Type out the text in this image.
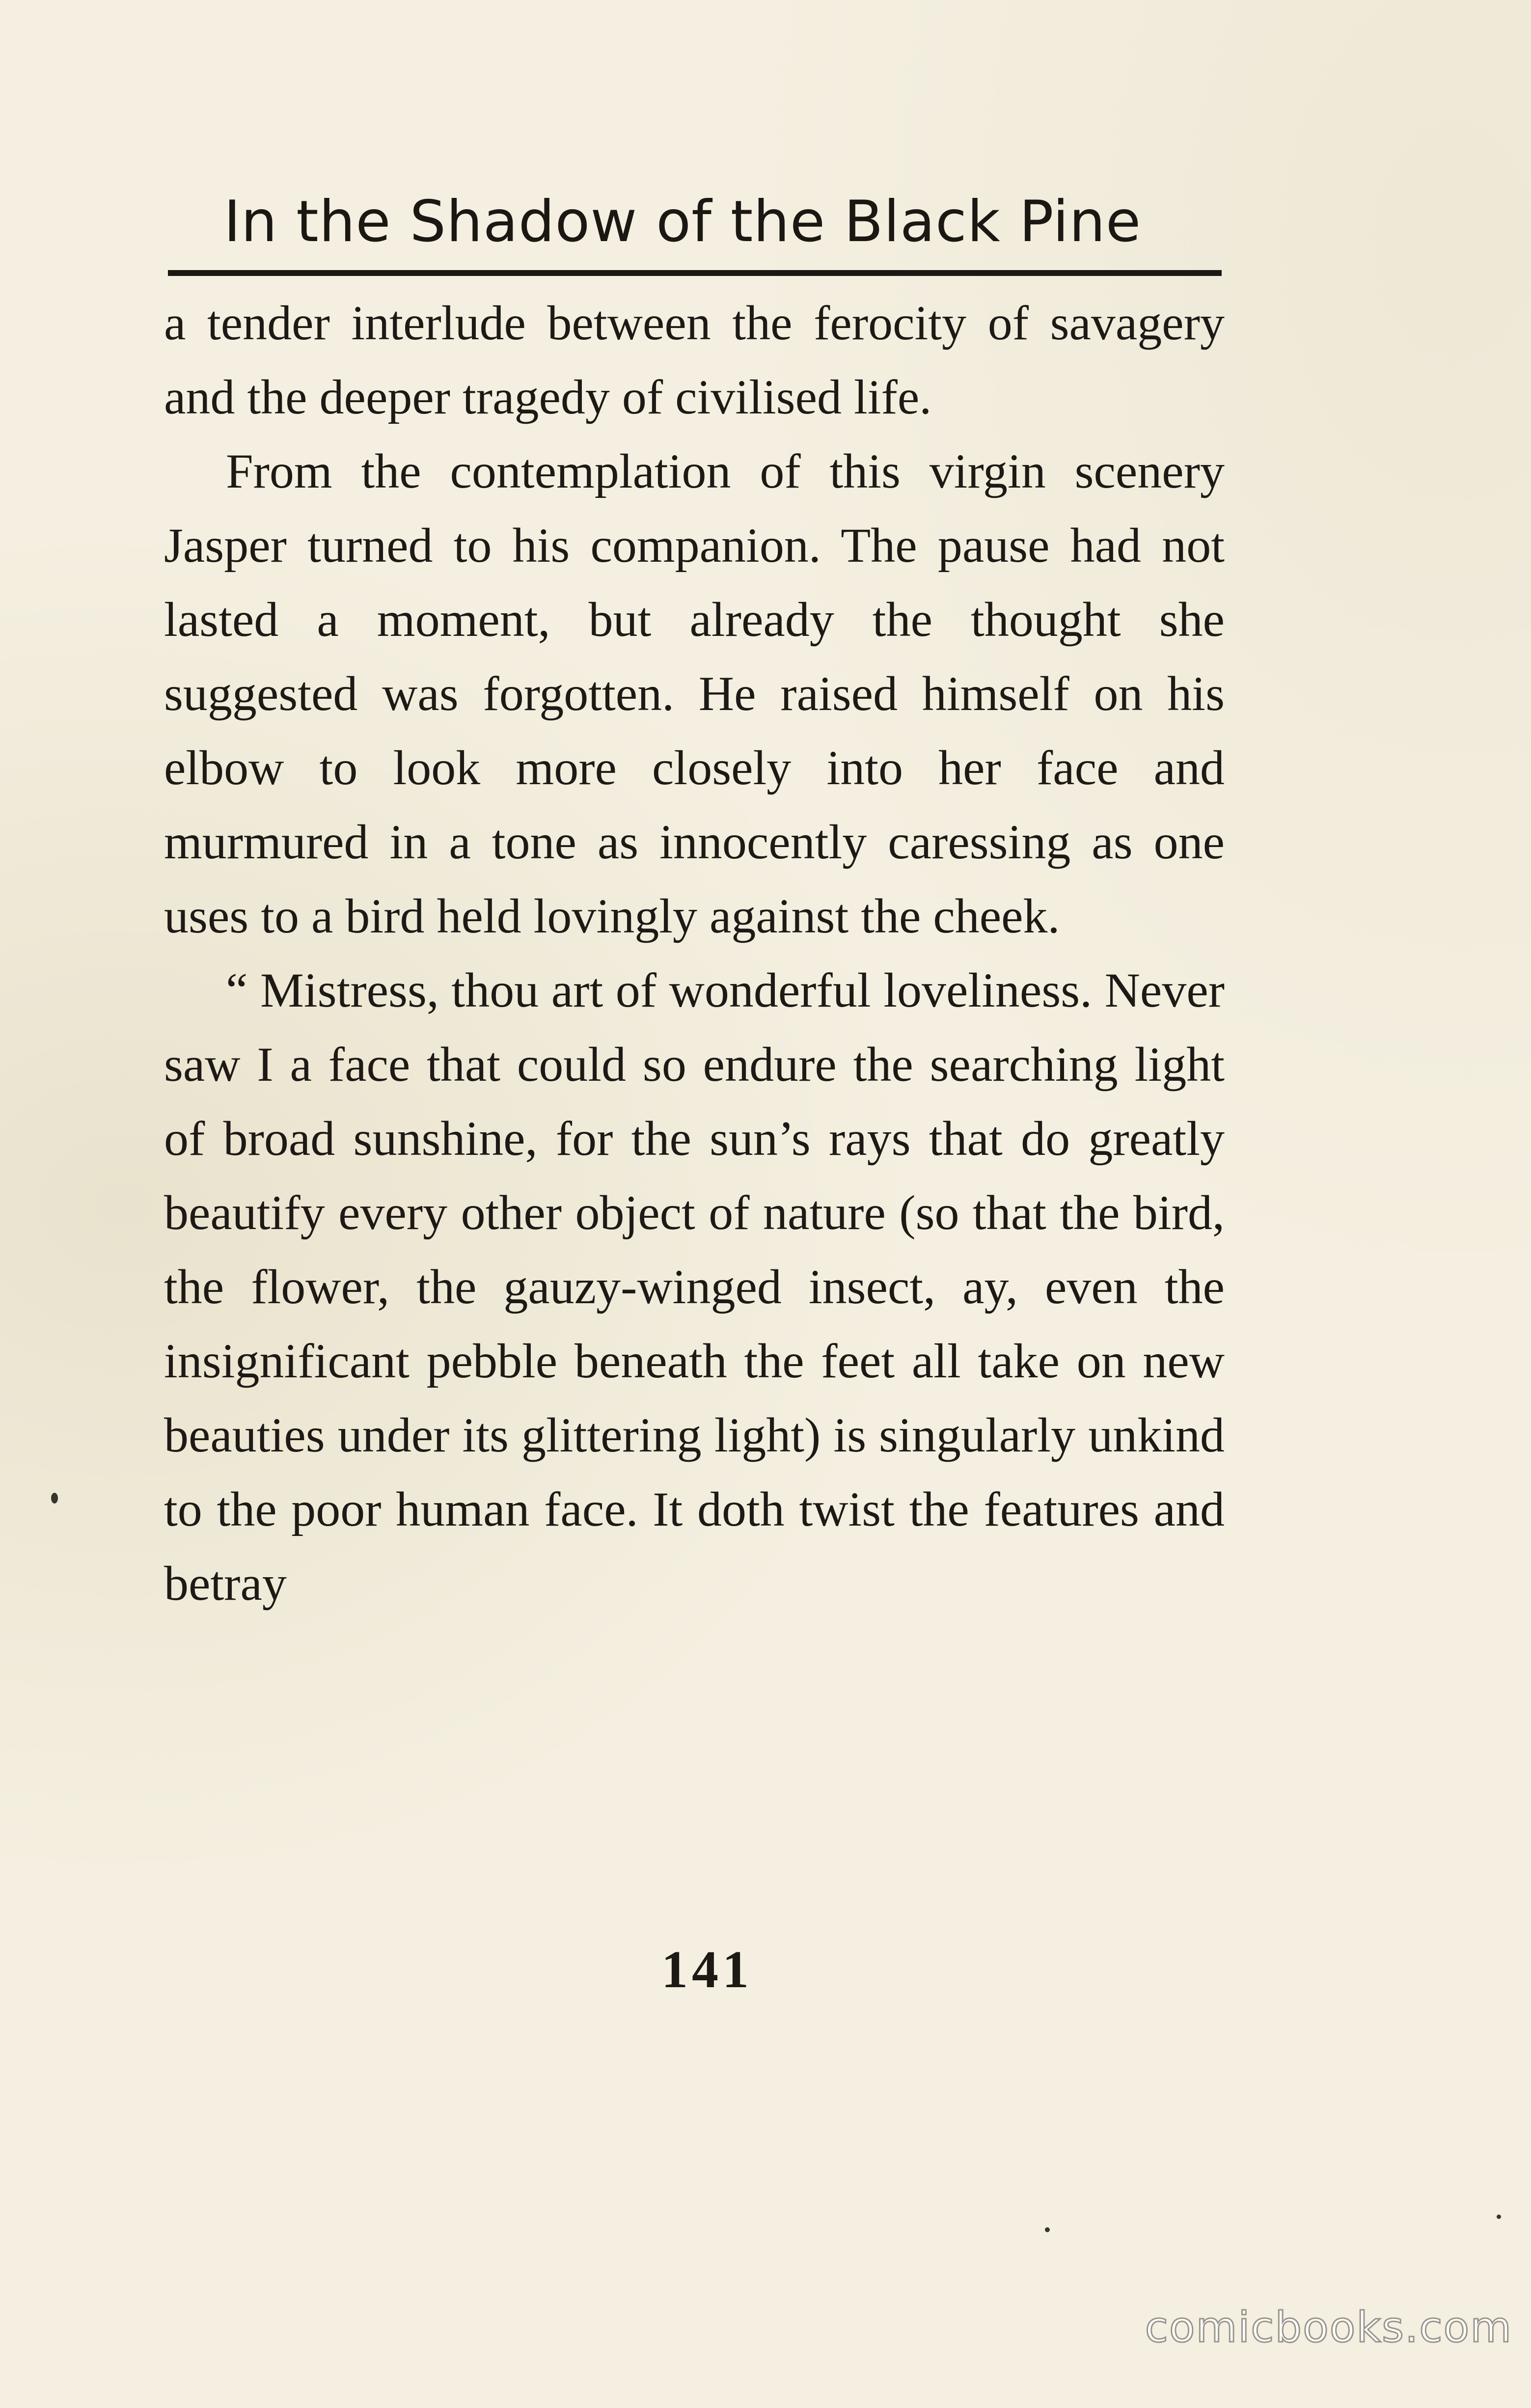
In the Shadow of the Black Pine

a tender interlude between the ferocity of savagery and the deeper tragedy of civilised life.

From the contemplation of this virgin scenery Jasper turned to his companion. The pause had not lasted a moment, but already the thought she suggested was forgotten. He raised himself on his elbow to look more closely into her face and murmured in a tone as innocently caressing as one uses to a bird held lovingly against the cheek.

“ Mistress, thou art of wonderful loveliness. Never saw I a face that could so endure the searching light of broad sunshine, for the sun’s rays that do greatly beautify every other object of nature (so that the bird, the flower, the gauzy-winged insect, ay, even the insignificant pebble beneath the feet all take on new beauties under its glittering light) is singularly unkind to the poor human face. It doth twist the features and betray

141
comicbooks.com
